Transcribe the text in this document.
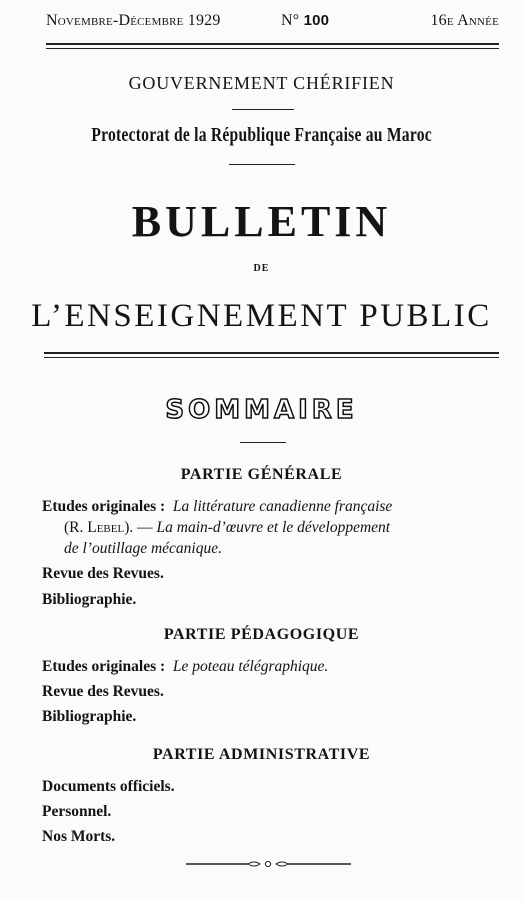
Novembre-Décembre 1929	N° 100	16e Année
GOUVERNEMENT CHÉRIFIEN
Protectorat de la République Française au Maroc
BULLETIN
DE
L’ENSEIGNEMENT PUBLIC
SOMMAIRE
PARTIE GÉNÉRALE
Etudes originales : La littérature canadienne française
(R. Lebel). — La main-d’œuvre et le développement
de l’outillage mécanique.
Revue des Revues.
Bibliographie.
PARTIE PÉDAGOGIQUE
Etudes originales : Le poteau télégraphique.
Revue des Revues.
Bibliographie.
PARTIE ADMINISTRATIVE
Documents officiels.
Personnel.
Nos Morts.
